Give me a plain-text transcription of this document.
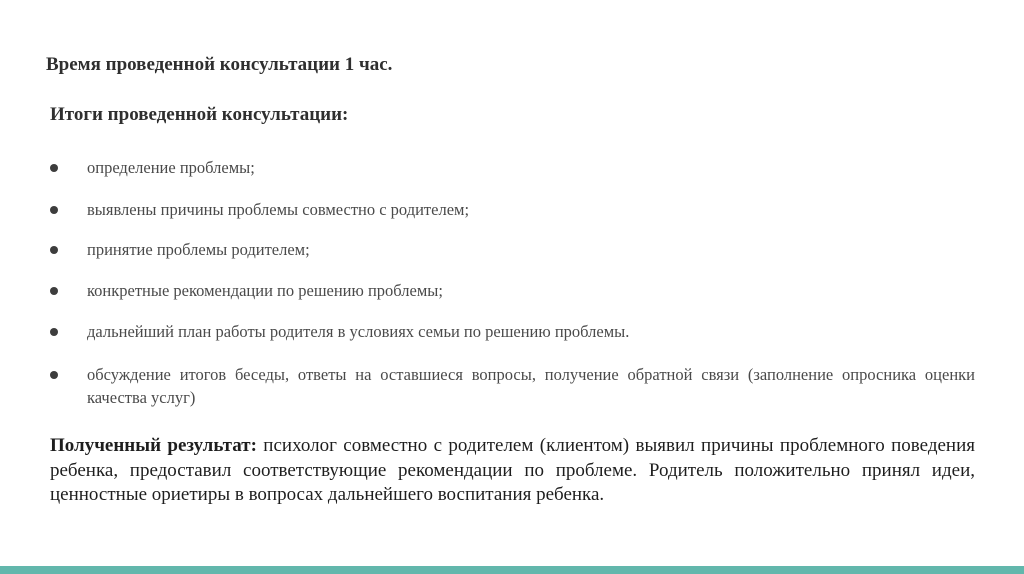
Время проведенной консультации 1 час.
Итоги проведенной консультации:
определение проблемы;
выявлены причины проблемы совместно с родителем;
принятие проблемы родителем;
конкретные рекомендации по решению проблемы;
дальнейший план работы родителя в условиях семьи по решению проблемы.
обсуждение итогов беседы, ответы на оставшиеся вопросы, получение обратной связи (заполнение опросника оценки качества услуг)
Полученный результат: психолог совместно с родителем (клиентом) выявил причины проблемного поведения ребенка, предоставил соответствующие рекомендации по проблеме. Родитель положительно принял идеи, ценностные ориетиры в вопросах дальнейшего воспитания ребенка.
